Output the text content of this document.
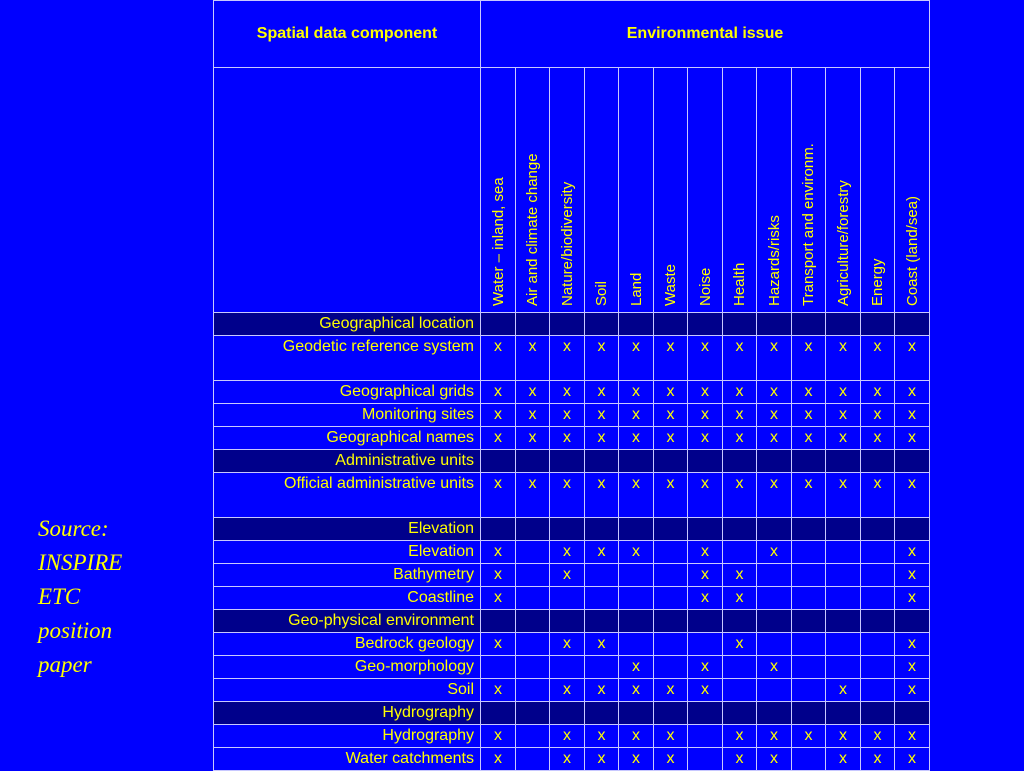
Source:
INSPIRE
ETC
position
paper
Spatial data component	Environmental issue												

	Water – inland, sea	Air and climate change	Nature/biodiversity	Soil	Land	Waste	Noise	Health	Hazards/risks	Transport and environm.	Agriculture/forestry	Energy	Coast (land/sea)

Geographical location													
Geodetic reference system	x	x	x	x	x	x	x	x	x	x	x	x	x
Geographical grids	x	x	x	x	x	x	x	x	x	x	x	x	x
Monitoring sites	x	x	x	x	x	x	x	x	x	x	x	x	x
Geographical names	x	x	x	x	x	x	x	x	x	x	x	x	x
Administrative units													
Official administrative units	x	x	x	x	x	x	x	x	x	x	x	x	x
Elevation													
Elevation	x		x	x	x		x		x				x
Bathymetry	x		x				x	x					x
Coastline	x						x	x					x
Geo-physical environment													
Bedrock geology	x		x	x				x					x
Geo-morphology					x		x		x				x
Soil	x		x	x	x	x	x				x		x
Hydrography													
Hydrography	x		x	x	x	x		x	x	x	x	x	x
Water catchments	x		x	x	x	x		x	x		x	x	x
